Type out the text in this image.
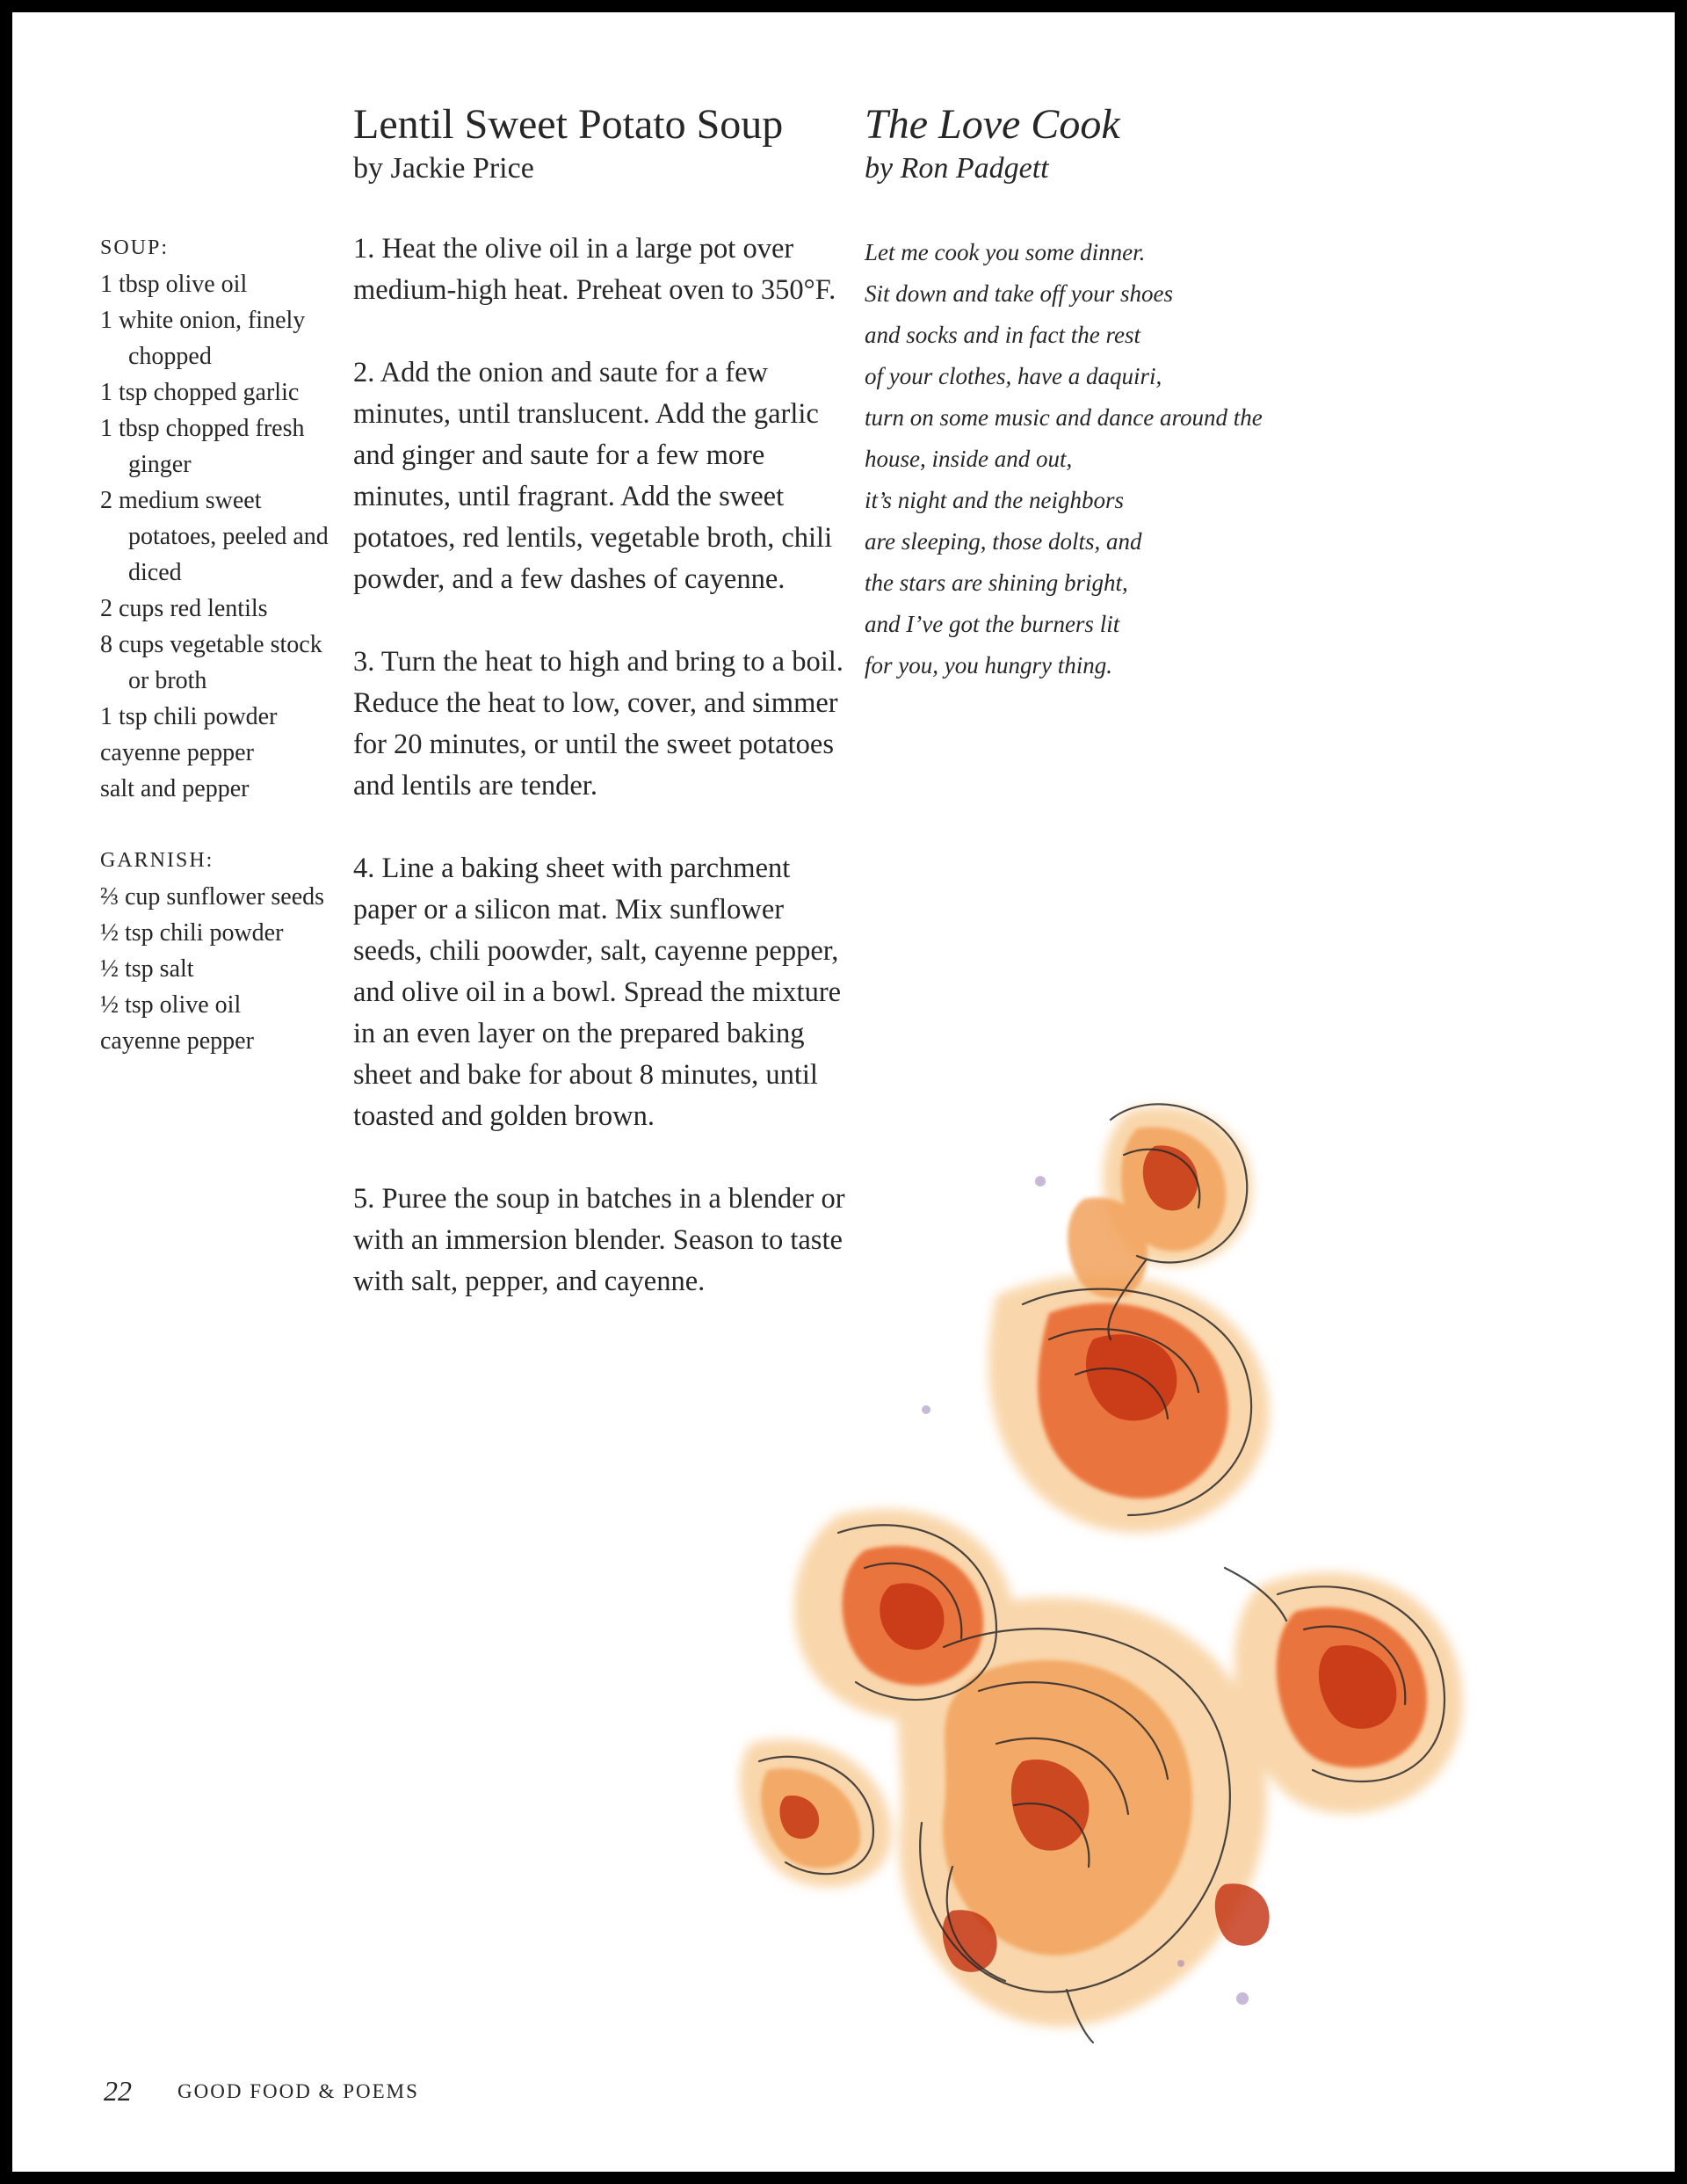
SOUP:

1 tbsp olive oil
1 white onion, finely chopped
1 tsp chopped garlic
1 tbsp chopped fresh ginger
2 medium sweet potatoes, peeled and diced
2 cups red lentils
8 cups vegetable stock or broth
1 tsp chili powder
cayenne pepper
salt and pepper

GARNISH:

⅔ cup sunflower seeds
½ tsp chili powder
½ tsp salt
½ tsp olive oil
cayenne pepper
Lentil Sweet Potato Soup

by Jackie Price

1. Heat the olive oil in a large pot over medium-high heat. Preheat oven to 350°F.
2. Add the onion and saute for a few minutes, until translucent. Add the garlic and ginger and saute for a few more minutes, until fragrant. Add the sweet potatoes, red lentils, vegetable broth, chili powder, and a few dashes of cayenne.
3. Turn the heat to high and bring to a boil. Reduce the heat to low, cover, and simmer for 20 minutes, or until the sweet potatoes and lentils are tender.
4. Line a baking sheet with parchment paper or a silicon mat. Mix sunflower seeds, chili poowder, salt, cayenne pepper, and olive oil in a bowl. Spread the mixture in an even layer on the prepared baking sheet and bake for about 8 minutes, until toasted and golden brown.
5. Puree the soup in batches in a blender or with an immersion blender. Season to taste with salt, pepper, and cayenne.
The Love Cook

by Ron Padgett

Let me cook you some dinner.
Sit down and take off your shoes
and socks and in fact the rest
of your clothes, have a daquiri,
turn on some music and dance around the
house, inside and out,
it’s night and the neighbors
are sleeping, those dolts, and
the stars are shining bright,
and I’ve got the burners lit
for you, you hungry thing.
22 GOOD FOOD & POEMS
